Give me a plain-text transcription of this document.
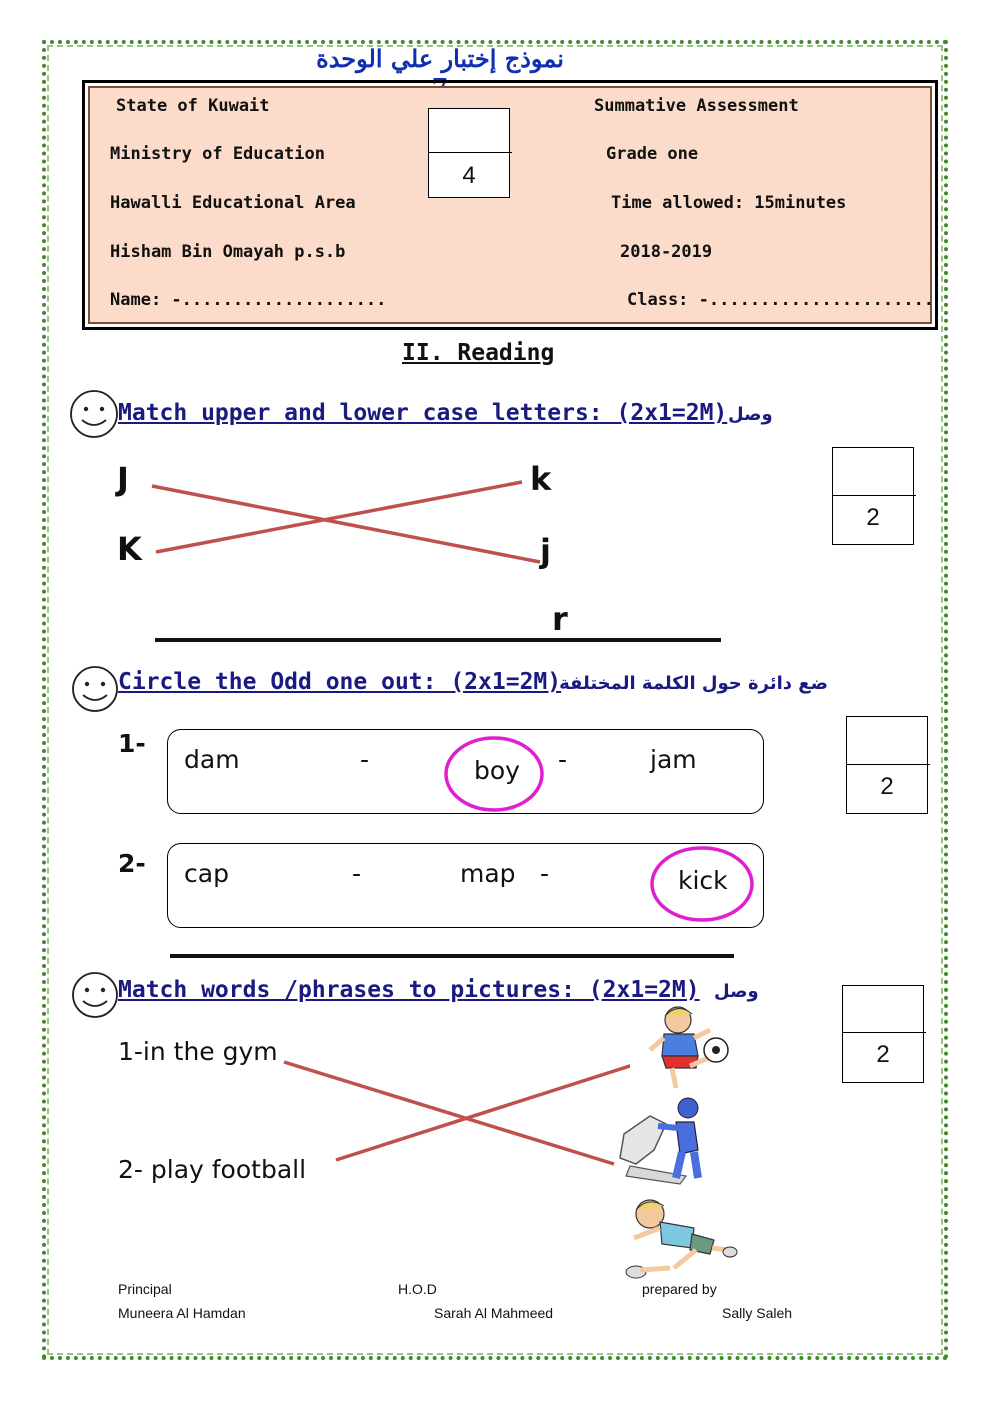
نموذج إختبار علي الوحدة
State of Kuwait
Ministry of Education
Hawalli Educational Area
Hisham Bin Omayah p.s.b
Name: -....................
Summative Assessment
Grade one
Time allowed: 15minutes
2018-2019
Class: -......................
4
II. Reading
Match upper and lower case letters: (2x1=2M) وصل
J
K
k
j
r
2
Circle the Odd one out: (2x1=2M)
ضع دائرة حول الكلمة المختلفة
1-
dam	-	boy -	jam
2- cap	-	map -	kick
2
Match words /phrases to pictures: (2x1=2M) وصل
1-in the gym
2- play football
2
Principal	H.O.D	prepared by
Muneera Al Hamdan	Sarah Al Mahmeed	Sally Saleh
